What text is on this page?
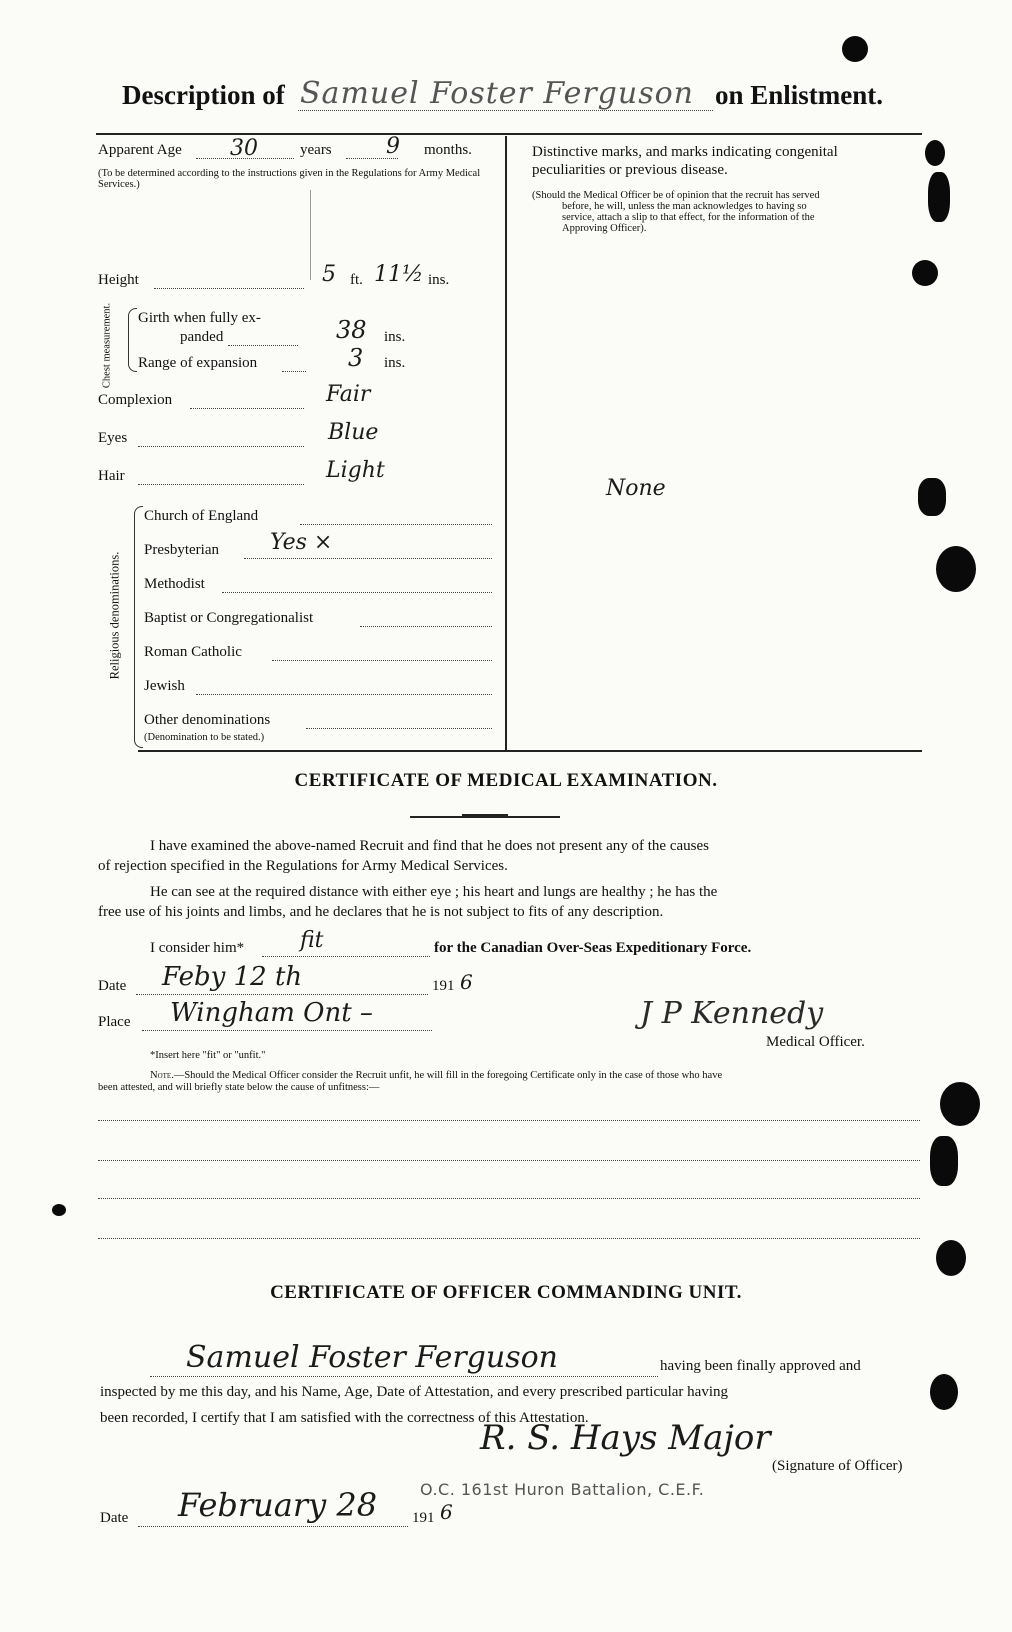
Description of Samuel Foster Ferguson on Enlistment.
Apparent Age 30	years 9 months.
(To be determined according to the instructions given in the Regulations for Army Medical Services.)
Height	5 ft. 11½ ins.
Chest measurement. Girth when fully ex-
panded	38 ins.
Range of expansion	3 ins.
Complexion	Fair
Eyes	Blue
Hair	Light
Religious denominations.
Church of England
Presbyterian Yes ×
Methodist
Baptist or Congregationalist
Roman Catholic
Jewish
Other denominations
(Denomination to be stated.)
Distinctive marks, and marks indicating congenital
peculiarities or previous disease.
(Should the Medical Officer be of opinion that the recruit has served
before, he will, unless the man acknowledges to having so
service, attach a slip to that effect, for the information of the
Approving Officer).
None
CERTIFICATE OF MEDICAL EXAMINATION.
I have examined the above-named Recruit and find that he does not present any of the causes
of rejection specified in the Regulations for Army Medical Services.
He can see at the required distance with either eye ; his heart and lungs are healthy ; he has the
free use of his joints and limbs, and he declares that he is not subject to fits of any description.
I consider him*	fit	for the Canadian Over-Seas Expeditionary Force.
Date Feby 12 th	191 6
Place Wingham Ont –	J P Kennedy
Medical Officer.
*Insert here "fit" or "unfit."
Note.—Should the Medical Officer consider the Recruit unfit, he will fill in the foregoing Certificate only in the case of those who have
been attested, and will briefly state below the cause of unfitness:—
CERTIFICATE OF OFFICER COMMANDING UNIT.
Samuel Foster Ferguson	having been finally approved and
inspected by me this day, and his Name, Age, Date of Attestation, and every prescribed particular having
been recorded, I certify that I am satisfied with the correctness of this Attestation.
R. S. Hays Major
(Signature of Officer)
O.C. 161st Huron Battalion, C.E.F.
Date February 28 191 6
